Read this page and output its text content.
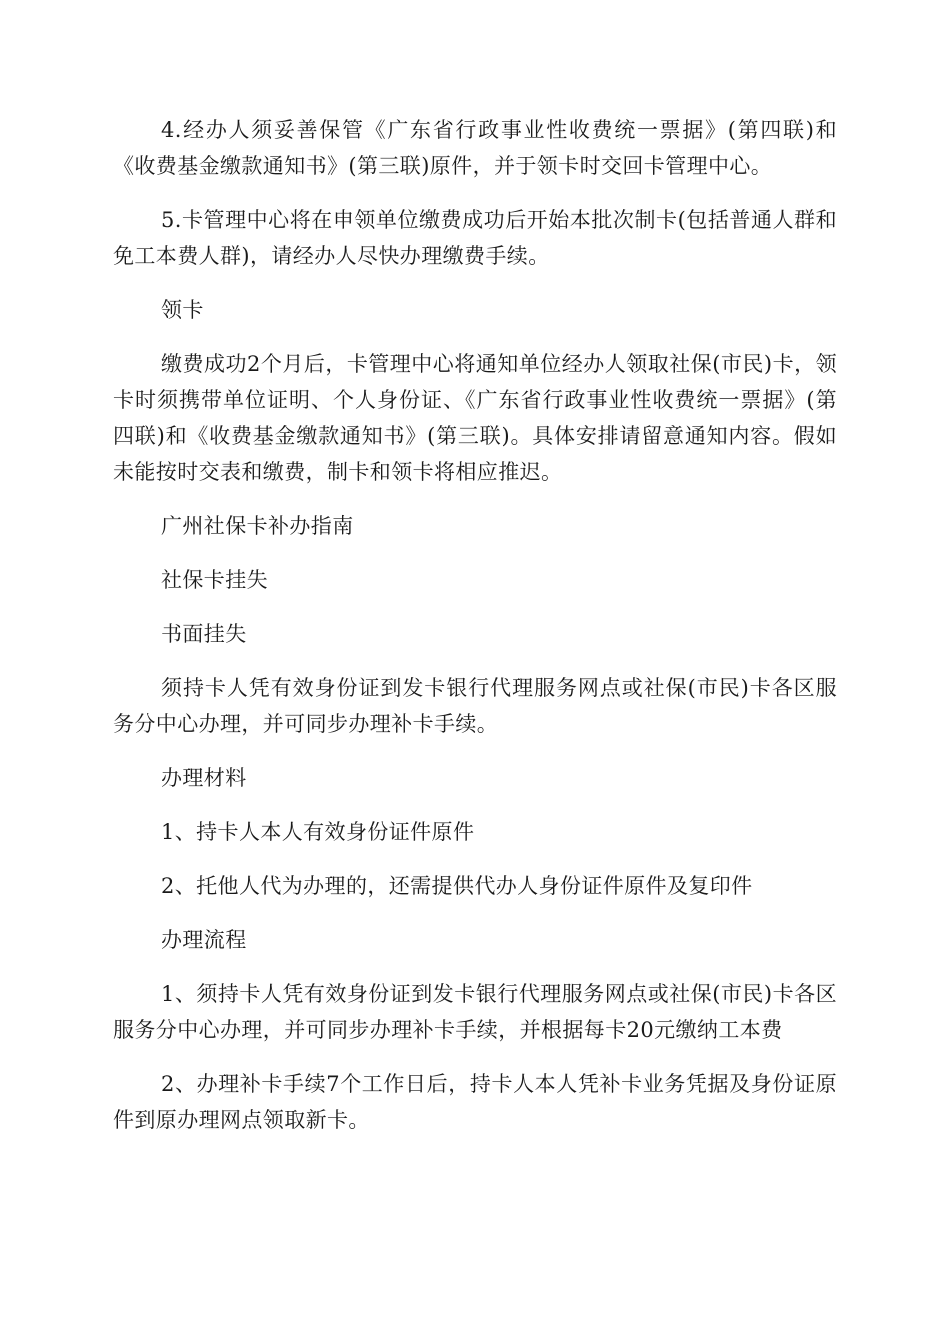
4.经办人须妥善保管《广东省行政事业性收费统一票据》(第四联)和《收费基金缴款通知书》(第三联)原件，并于领卡时交回卡管理中心。

5.卡管理中心将在申领单位缴费成功后开始本批次制卡(包括普通人群和免工本费人群)，请经办人尽快办理缴费手续。

领卡

缴费成功2个月后，卡管理中心将通知单位经办人领取社保(市民)卡，领卡时须携带单位证明、个人身份证、《广东省行政事业性收费统一票据》(第四联)和《收费基金缴款通知书》(第三联)。具体安排请留意通知内容。假如未能按时交表和缴费，制卡和领卡将相应推迟。

广州社保卡补办指南

社保卡挂失

书面挂失

须持卡人凭有效身份证到发卡银行代理服务网点或社保(市民)卡各区服务分中心办理，并可同步办理补卡手续。

办理材料

1、持卡人本人有效身份证件原件

2、托他人代为办理的，还需提供代办人身份证件原件及复印件

办理流程

1、须持卡人凭有效身份证到发卡银行代理服务网点或社保(市民)卡各区服务分中心办理，并可同步办理补卡手续，并根据每卡20元缴纳工本费

2、办理补卡手续7个工作日后，持卡人本人凭补卡业务凭据及身份证原件到原办理网点领取新卡。
